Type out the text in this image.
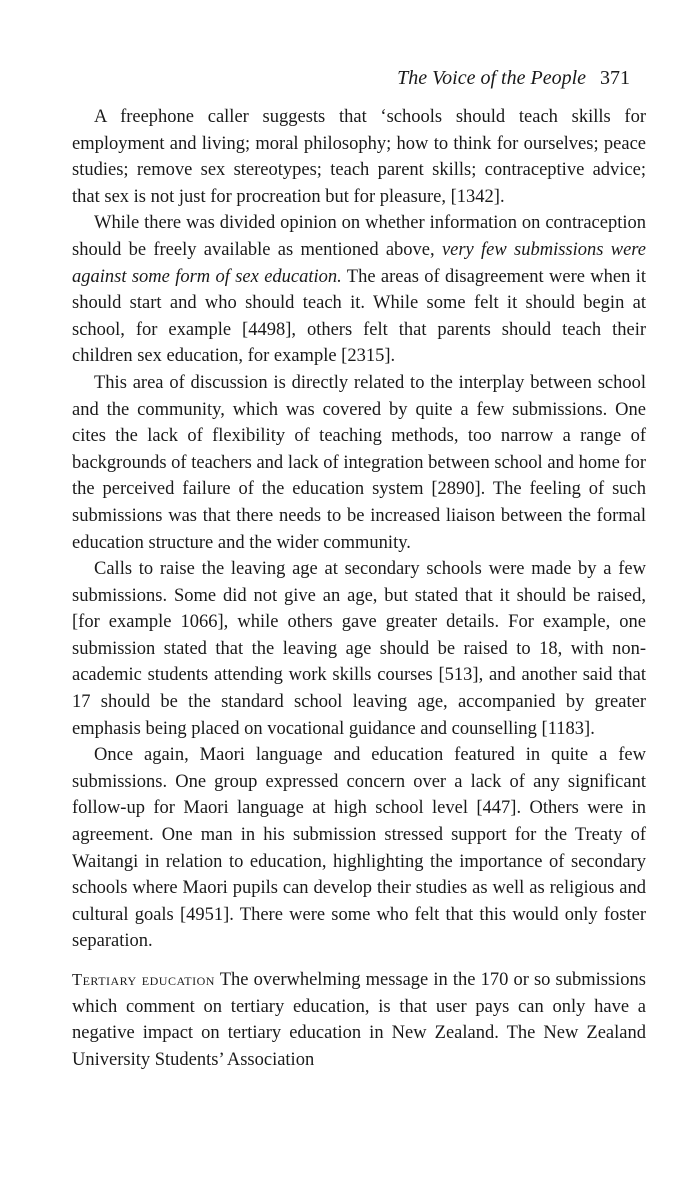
The Voice of the People 371

A freephone caller suggests that ‘schools should teach skills for employment and living; moral philosophy; how to think for ourselves; peace studies; remove sex stereotypes; teach parent skills; contraceptive advice; that sex is not just for procreation but for pleasure, [1342].

While there was divided opinion on whether information on contraception should be freely available as mentioned above, very few submissions were against some form of sex education. The areas of disagreement were when it should start and who should teach it. While some felt it should begin at school, for example [4498], others felt that parents should teach their children sex education, for example [2315].

This area of discussion is directly related to the interplay between school and the community, which was covered by quite a few submissions. One cites the lack of flexibility of teaching methods, too narrow a range of backgrounds of teachers and lack of integration between school and home for the perceived failure of the education system [2890]. The feeling of such submissions was that there needs to be increased liaison between the formal education structure and the wider community.

Calls to raise the leaving age at secondary schools were made by a few submissions. Some did not give an age, but stated that it should be raised, [for example 1066], while others gave greater details. For example, one submission stated that the leaving age should be raised to 18, with non-academic students attending work skills courses [513], and another said that 17 should be the standard school leaving age, accompanied by greater emphasis being placed on vocational guidance and counselling [1183].

Once again, Maori language and education featured in quite a few submissions. One group expressed concern over a lack of any significant follow-up for Maori language at high school level [447]. Others were in agreement. One man in his submission stressed support for the Treaty of Waitangi in relation to education, highlighting the importance of secondary schools where Maori pupils can develop their studies as well as religious and cultural goals [4951]. There were some who felt that this would only foster separation.

Tertiary education The overwhelming message in the 170 or so submissions which comment on tertiary education, is that user pays can only have a negative impact on tertiary education in New Zealand. The New Zealand University Students’ Association
